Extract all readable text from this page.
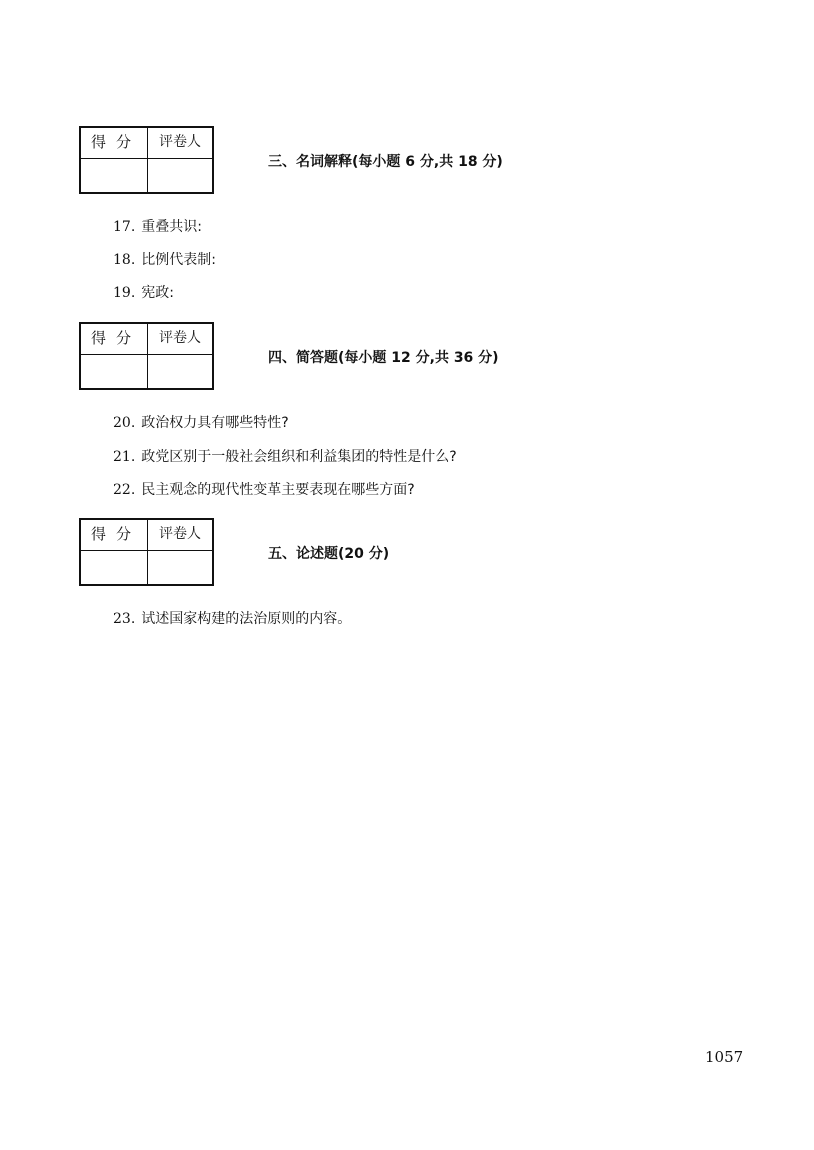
得分	评卷人
三、名词解释(每小题 6 分,共 18 分)
17. 重叠共识:
18. 比例代表制:
19. 宪政:
得分	评卷人
四、简答题(每小题 12 分,共 36 分)
20. 政治权力具有哪些特性?
21. 政党区别于一般社会组织和利益集团的特性是什么?
22. 民主观念的现代性变革主要表现在哪些方面?
得分	评卷人
五、论述题(20 分)
23. 试述国家构建的法治原则的内容。
1057
